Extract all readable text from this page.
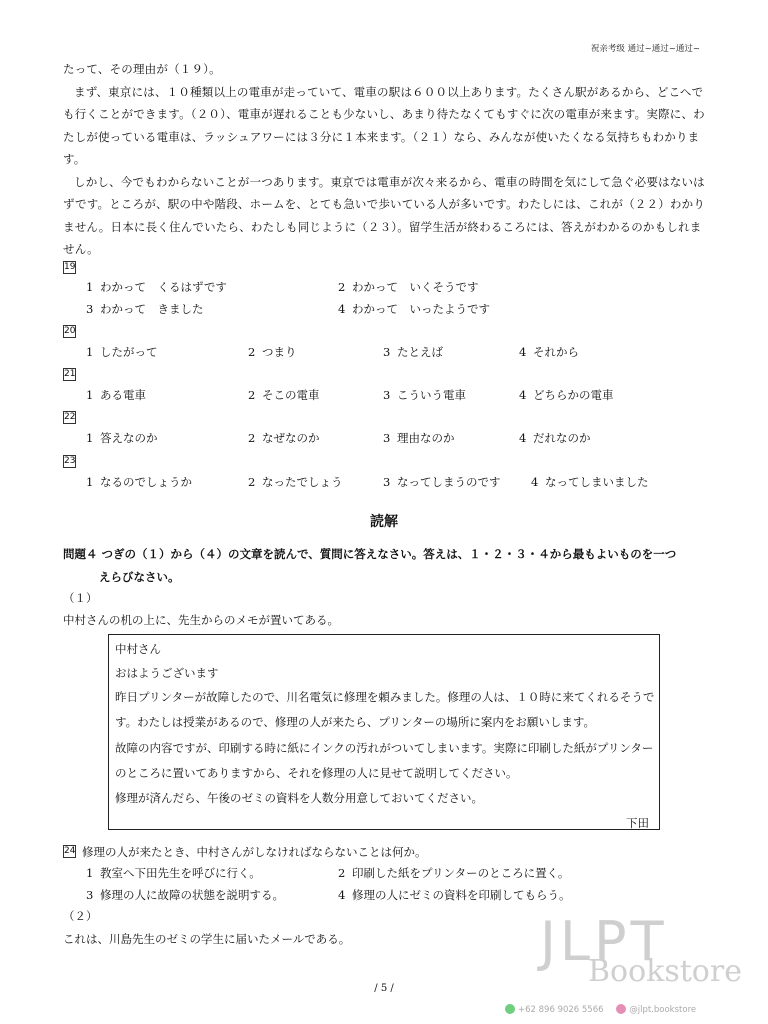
祝亲考级 通过~通过~通过~

たって、その理由が（１９）。

まず、東京には、１０種類以上の電車が走っていて、電車の駅は６００以上あります。たくさん駅があるから、どこへでも行くことができます。（２０）、電車が遅れることも少ないし、あまり待たなくてもすぐに次の電車が来ます。実際に、わたしが使っている電車は、ラッシュアワーには３分に１本来ます。（２１）なら、みんなが使いたくなる気持ちもわかります。

しかし、今でもわからないことが一つあります。東京では電車が次々来るから、電車の時間を気にして急ぐ必要はないはずです。ところが、駅の中や階段、ホームを、とても急いで歩いている人が多いです。わたしには、これが（２２）わかりません。日本に長く住んでいたら、わたしも同じように（２３）。留学生活が終わるころには、答えがわかるのかもしれません。

19
1 わかって　くるはずです	2 わかって　いくそうです
3 わかって　きました	4 わかって　いったようです
20
1 したがって	2 つまり	3 たとえば	4 それから
21
1 ある電車	2 そこの電車	3 こういう電車	4 どちらかの電車
22
1 答えなのか	2 なぜなのか	3 理由なのか	4 だれなのか
23
1 なるのでしょうか	2 なったでしょう	3 なってしまうのです	4 なってしまいました
読解
問題４ つぎの（１）から（４）の文章を読んで、質問に答えなさい。答えは、１・２・３・４から最もよいものを一つ
えらびなさい。
（１）
中村さんの机の上に、先生からのメモが置いてある。
中村さん
おはようございます
昨日プリンターが故障したので、川名電気に修理を頼みました。修理の人は、１０時に来てくれるそうで
す。わたしは授業があるので、修理の人が来たら、プリンターの場所に案内をお願いします。
故障の内容ですが、印刷する時に紙にインクの汚れがついてしまいます。実際に印刷した紙がプリンター
のところに置いてありますから、それを修理の人に見せて説明してください。
修理が済んだら、午後のゼミの資料を人数分用意しておいてください。
下田
24 修理の人が来たとき、中村さんがしなければならないことは何か。
1 教室へ下田先生を呼びに行く。	2 印刷した紙をプリンターのところに置く。
3 修理の人に故障の状態を説明する。	4 修理の人にゼミの資料を印刷してもらう。
（２）
これは、川島先生のゼミの学生に届いたメールである。	JLPT
Bookstore
+62 896 9026 5566	@jlpt.bookstore
/ 5 /
